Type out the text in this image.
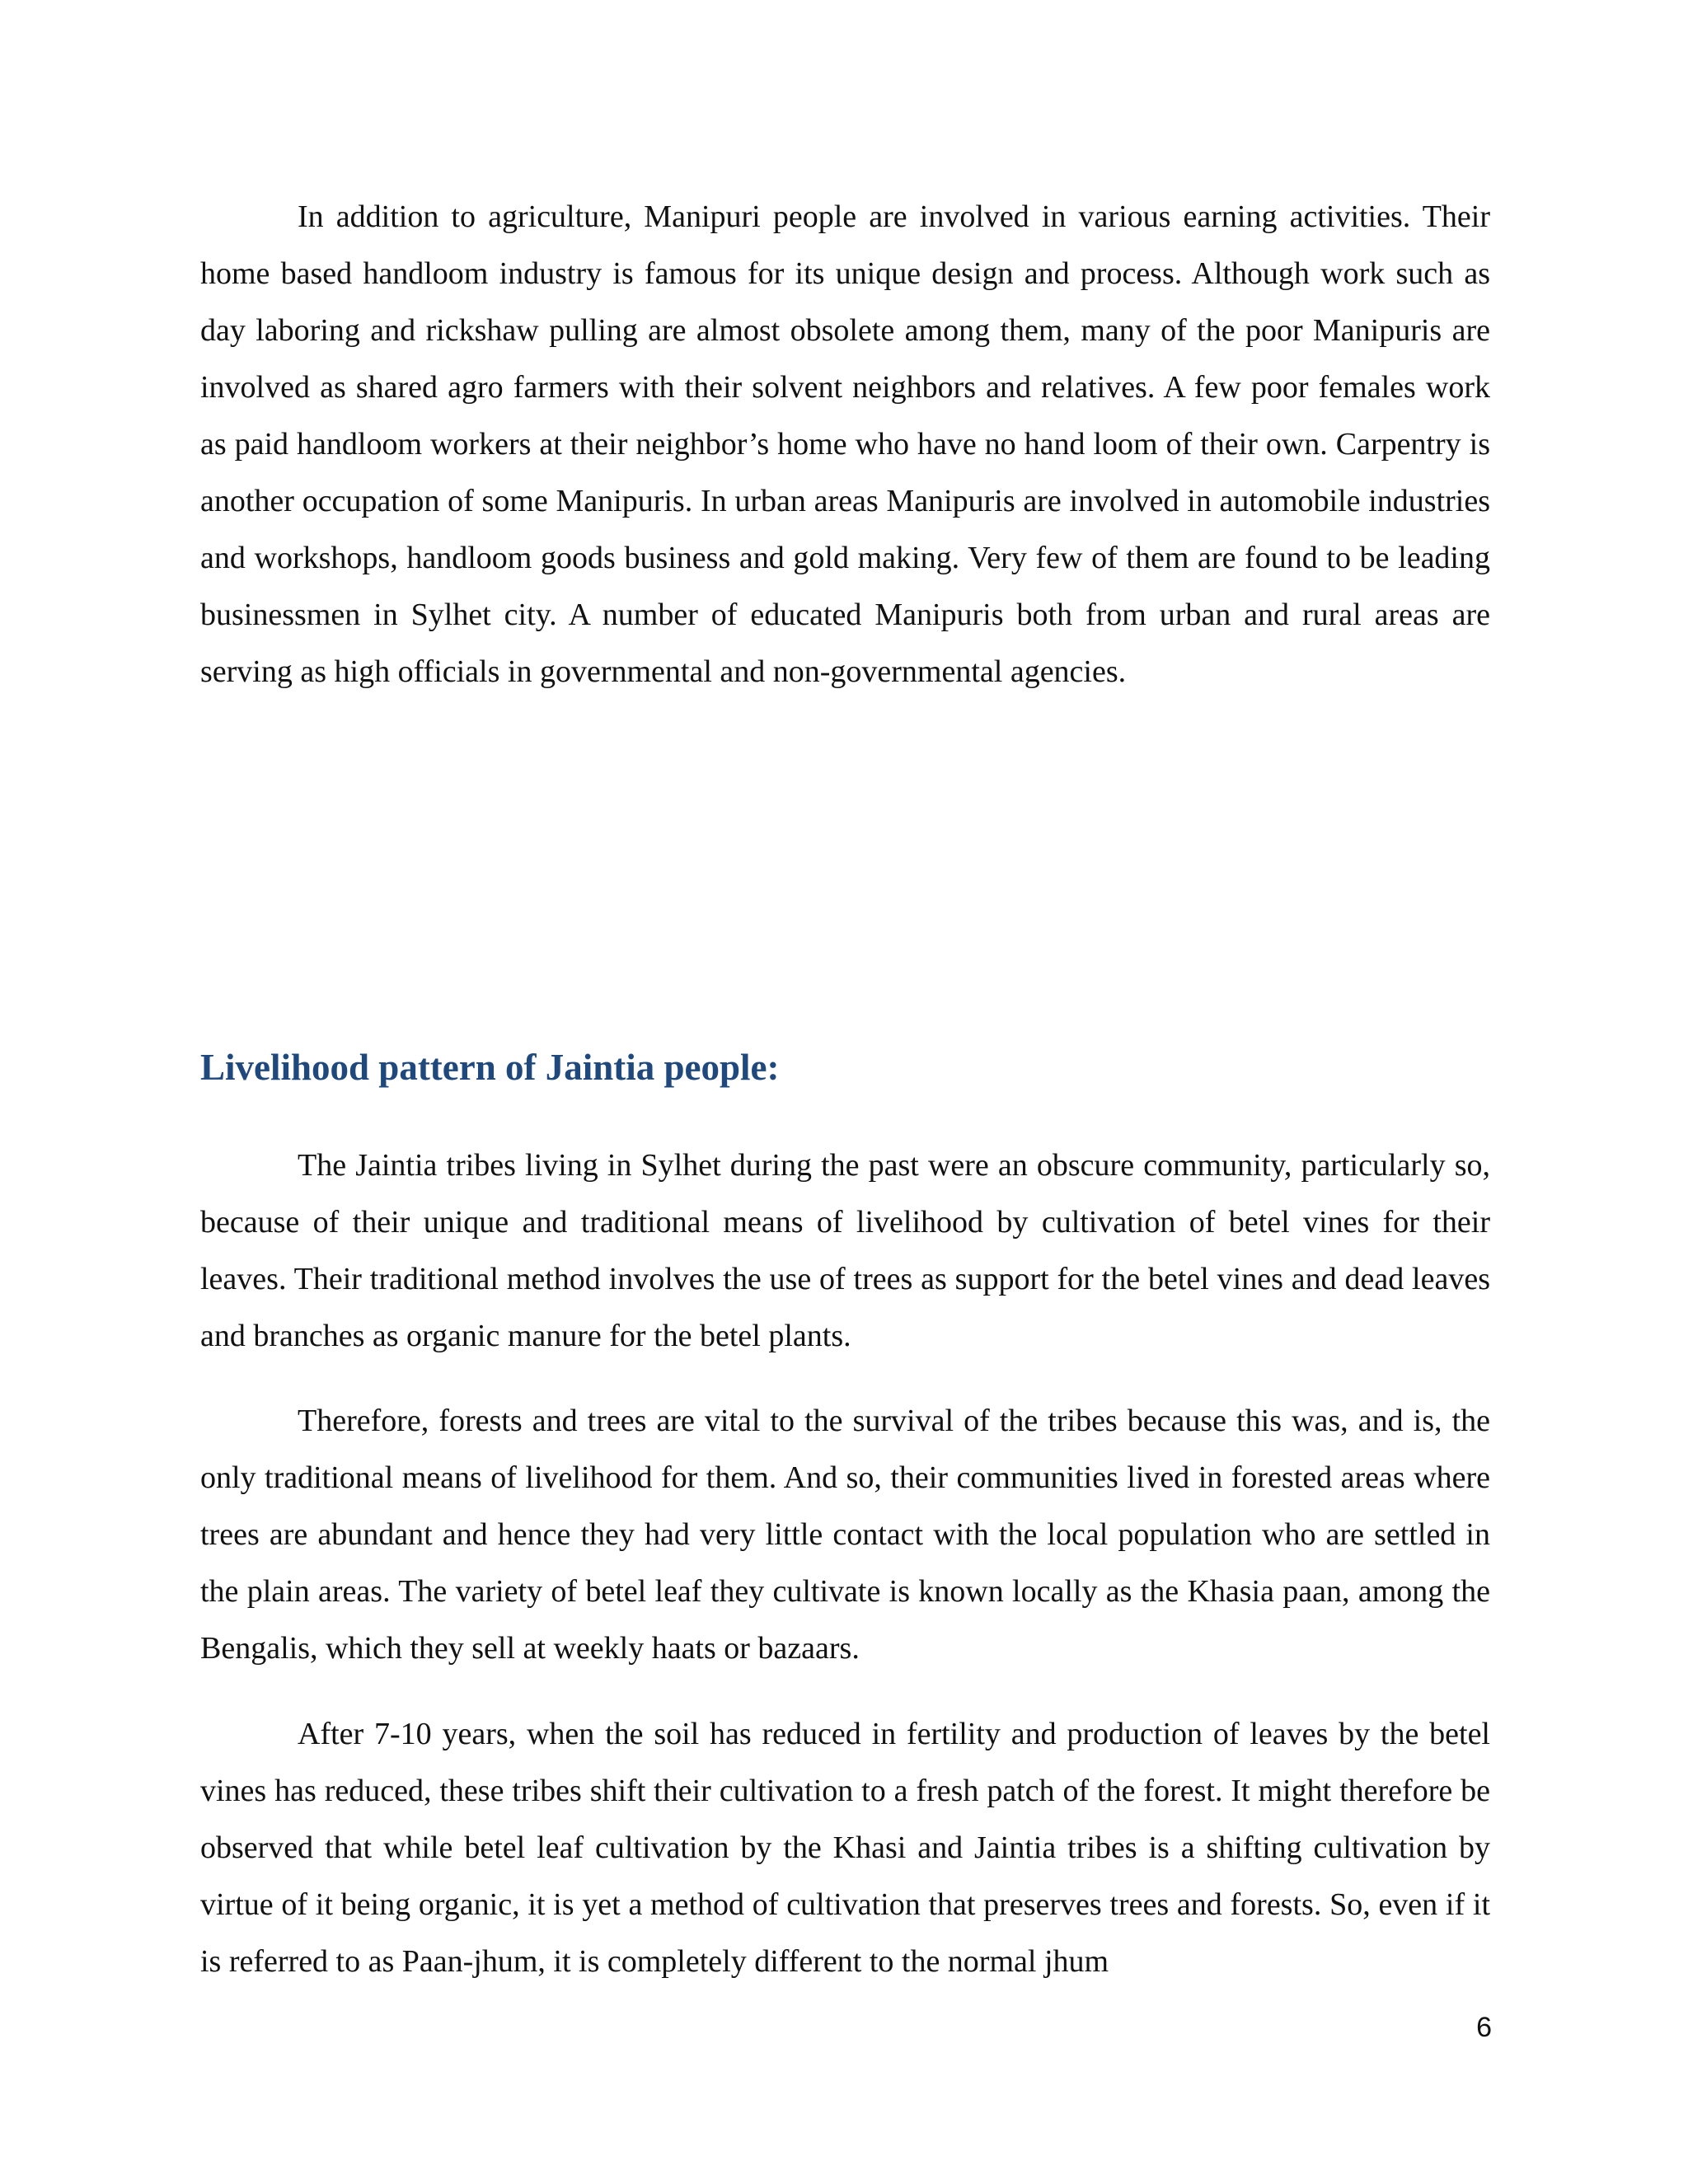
In addition to agriculture, Manipuri people are involved in various earning activities. Their home based handloom industry is famous for its unique design and process. Although work such as day laboring and rickshaw pulling are almost obsolete among them, many of the poor Manipuris are involved as shared agro farmers with their solvent neighbors and relatives. A few poor females work as paid handloom workers at their neighbor’s home who have no hand loom of their own. Carpentry is another occupation of some Manipuris. In urban areas Manipuris are involved in automobile industries and workshops, handloom goods business and gold making. Very few of them are found to be leading businessmen in Sylhet city. A number of educated Manipuris both from urban and rural areas are serving as high officials in governmental and non-governmental agencies.

Livelihood pattern of Jaintia people:

The Jaintia tribes living in Sylhet during the past were an obscure community, particularly so, because of their unique and traditional means of livelihood by cultivation of betel vines for their leaves. Their traditional method involves the use of trees as support for the betel vines and dead leaves and branches as organic manure for the betel plants.

Therefore, forests and trees are vital to the survival of the tribes because this was, and is, the only traditional means of livelihood for them. And so, their communities lived in forested areas where trees are abundant and hence they had very little contact with the local population who are settled in the plain areas. The variety of betel leaf they cultivate is known locally as the Khasia paan, among the Bengalis, which they sell at weekly haats or bazaars.

After 7-10 years, when the soil has reduced in fertility and production of leaves by the betel vines has reduced, these tribes shift their cultivation to a fresh patch of the forest. It might therefore be observed that while betel leaf cultivation by the Khasi and Jaintia tribes is a shifting cultivation by virtue of it being organic, it is yet a method of cultivation that preserves trees and forests. So, even if it is referred to as Paan-jhum, it is completely different to the normal jhum

6
